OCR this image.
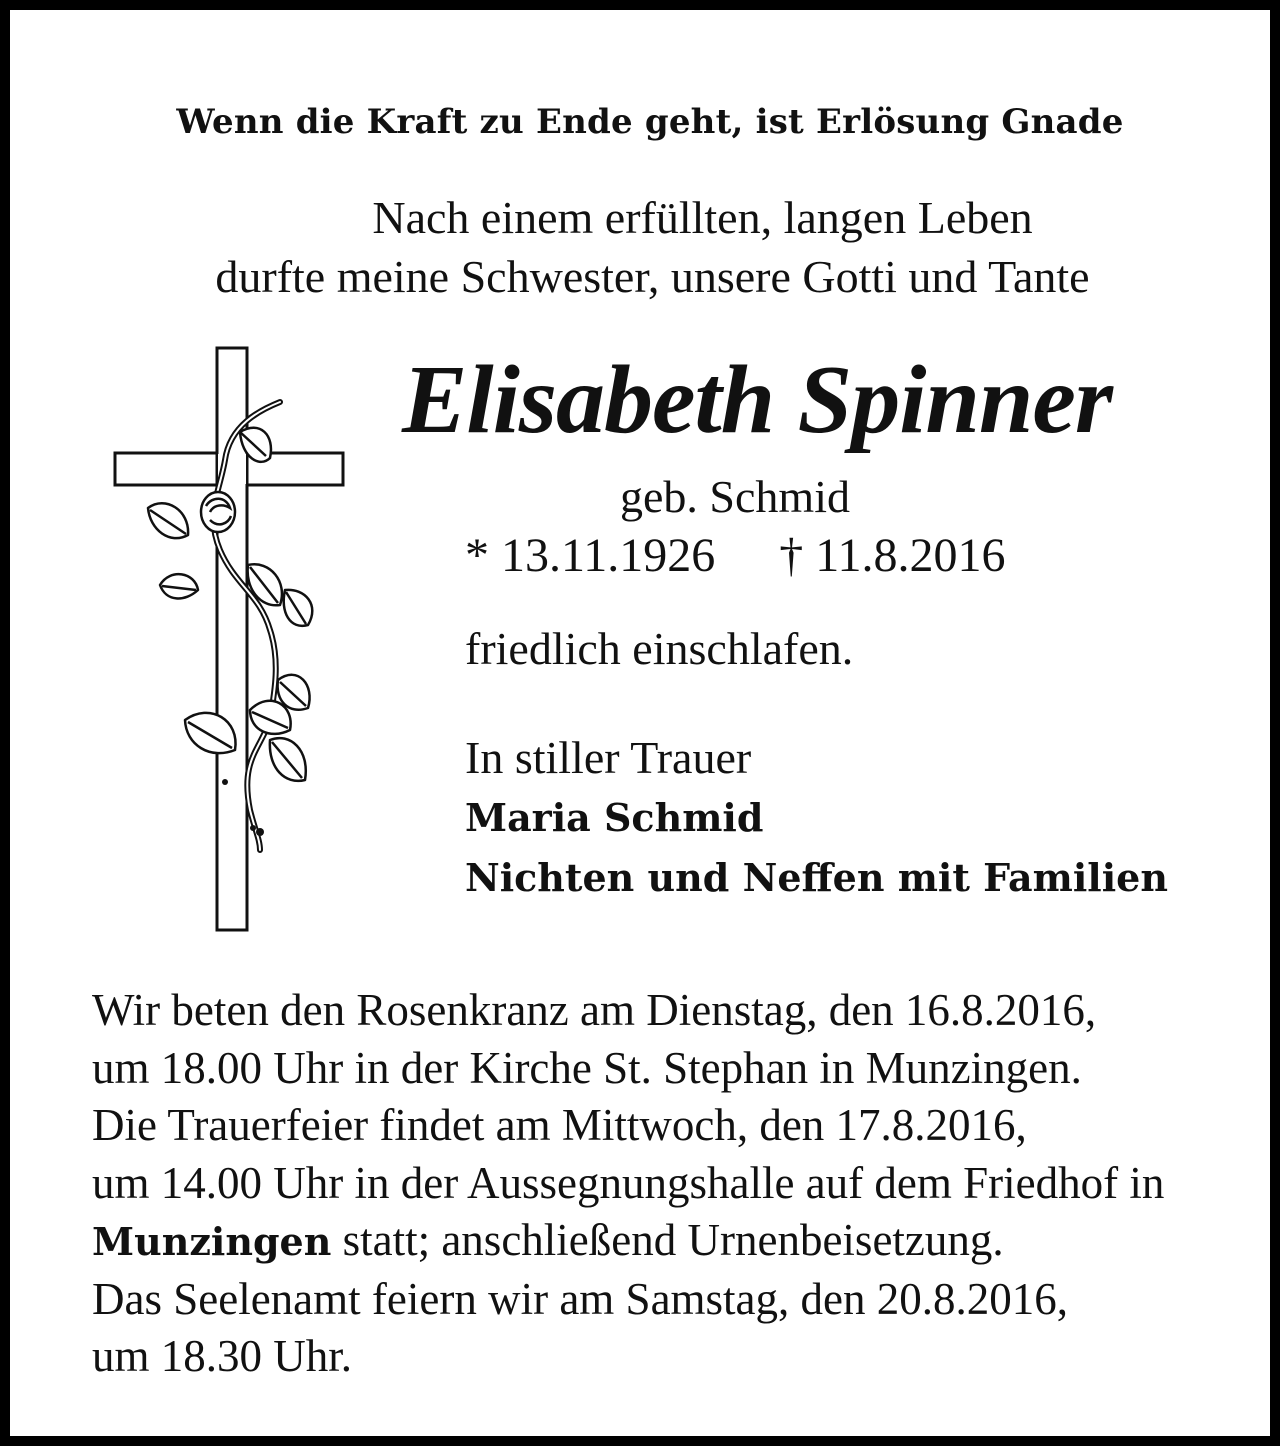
Wenn die Kraft zu Ende geht, ist Erlösung Gnade
Nach einem erfüllten, langen Leben
durfte meine Schwester, unsere Gotti und Tante
Elisabeth Spinner
geb. Schmid
* 13.11.1926 † 11.8.2016
friedlich einschlafen.
In stiller Trauer
Maria Schmid
Nichten und Neffen mit Familien
Wir beten den Rosenkranz am Dienstag, den 16.8.2016,
um 18.00 Uhr in der Kirche St. Stephan in Munzingen.
Die Trauerfeier findet am Mittwoch, den 17.8.2016,
um 14.00 Uhr in der Aussegnungshalle auf dem Friedhof in
Munzingen statt; anschließend Urnenbeisetzung.
Das Seelenamt feiern wir am Samstag, den 20.8.2016,
um 18.30 Uhr.
